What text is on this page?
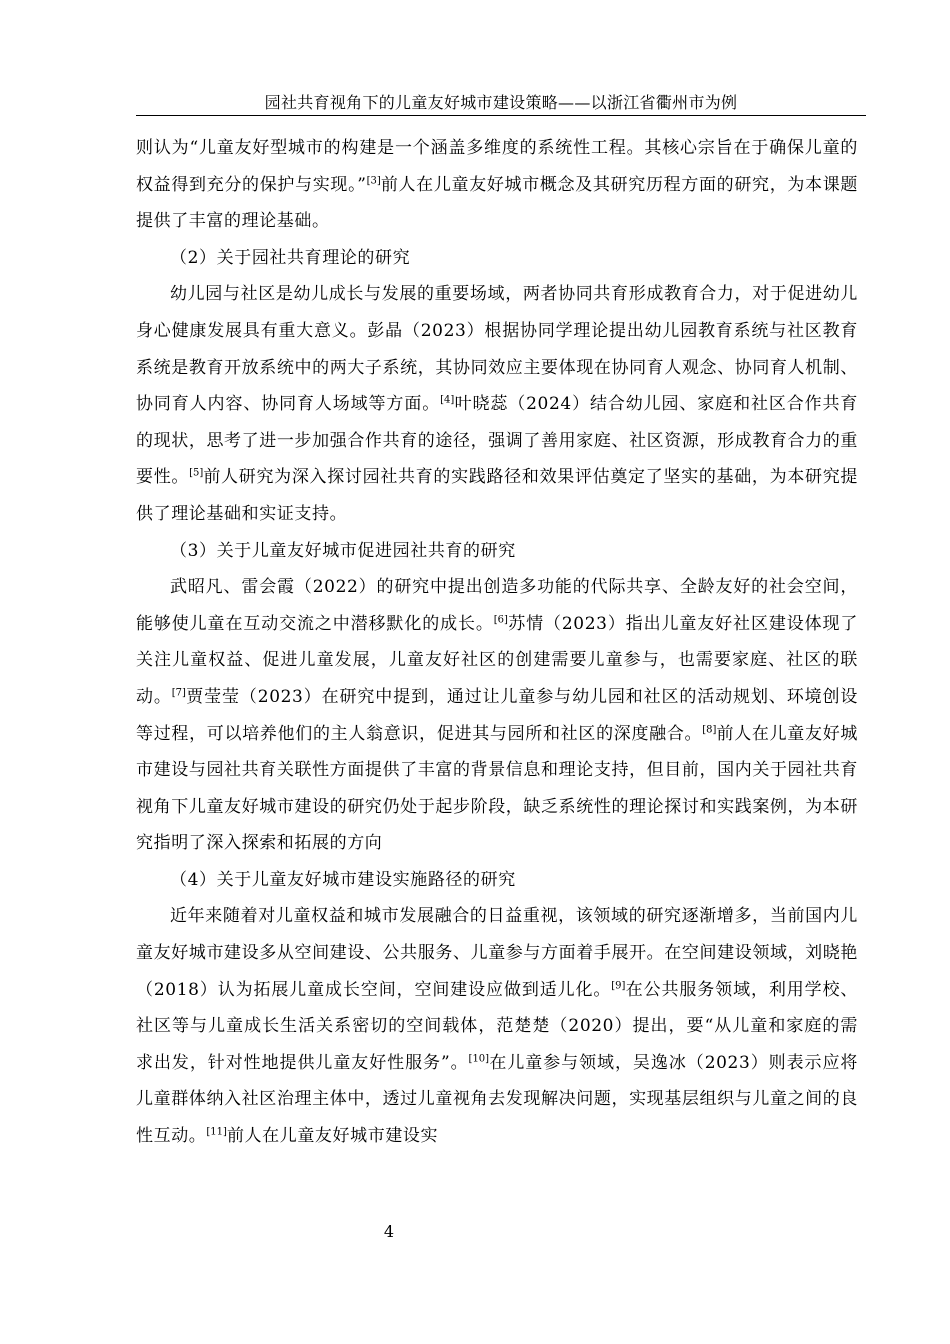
园社共育视角下的儿童友好城市建设策略——以浙江省衢州市为例

则认为“儿童友好型城市的构建是一个涵盖多维度的系统性工程。其核心宗旨在于确保儿童的权益得到充分的保护与实现。”[3]前人在儿童友好城市概念及其研究历程方面的研究，为本课题提供了丰富的理论基础。

（2）关于园社共育理论的研究

幼儿园与社区是幼儿成长与发展的重要场域，两者协同共育形成教育合力，对于促进幼儿身心健康发展具有重大意义。彭晶（2023）根据协同学理论提出幼儿园教育系统与社区教育系统是教育开放系统中的两大子系统，其协同效应主要体现在协同育人观念、协同育人机制、协同育人内容、协同育人场域等方面。[4]叶晓蕊（2024）结合幼儿园、家庭和社区合作共育的现状，思考了进一步加强合作共育的途径，强调了善用家庭、社区资源，形成教育合力的重要性。[5]前人研究为深入探讨园社共育的实践路径和效果评估奠定了坚实的基础，为本研究提供了理论基础和实证支持。

（3）关于儿童友好城市促进园社共育的研究

武昭凡、雷会霞（2022）的研究中提出创造多功能的代际共享、全龄友好的社会空间，能够使儿童在互动交流之中潜移默化的成长。[6]苏情（2023）指出儿童友好社区建设体现了关注儿童权益、促进儿童发展，儿童友好社区的创建需要儿童参与，也需要家庭、社区的联动。[7]贾莹莹（2023）在研究中提到，通过让儿童参与幼儿园和社区的活动规划、环境创设等过程，可以培养他们的主人翁意识，促进其与园所和社区的深度融合。[8]前人在儿童友好城市建设与园社共育关联性方面提供了丰富的背景信息和理论支持，但目前，国内关于园社共育视角下儿童友好城市建设的研究仍处于起步阶段，缺乏系统性的理论探讨和实践案例，为本研究指明了深入探索和拓展的方向

（4）关于儿童友好城市建设实施路径的研究

近年来随着对儿童权益和城市发展融合的日益重视，该领域的研究逐渐增多，当前国内儿童友好城市建设多从空间建设、公共服务、儿童参与方面着手展开。在空间建设领域，刘晓艳（2018）认为拓展儿童成长空间，空间建设应做到适儿化。[9]在公共服务领域，利用学校、社区等与儿童成长生活关系密切的空间载体，范楚楚（2020）提出，要“从儿童和家庭的需求出发，针对性地提供儿童友好性服务”。[10]在儿童参与领域，吴逸冰（2023）则表示应将儿童群体纳入社区治理主体中，透过儿童视角去发现解决问题，实现基层组织与儿童之间的良性互动。[11]前人在儿童友好城市建设实

4
